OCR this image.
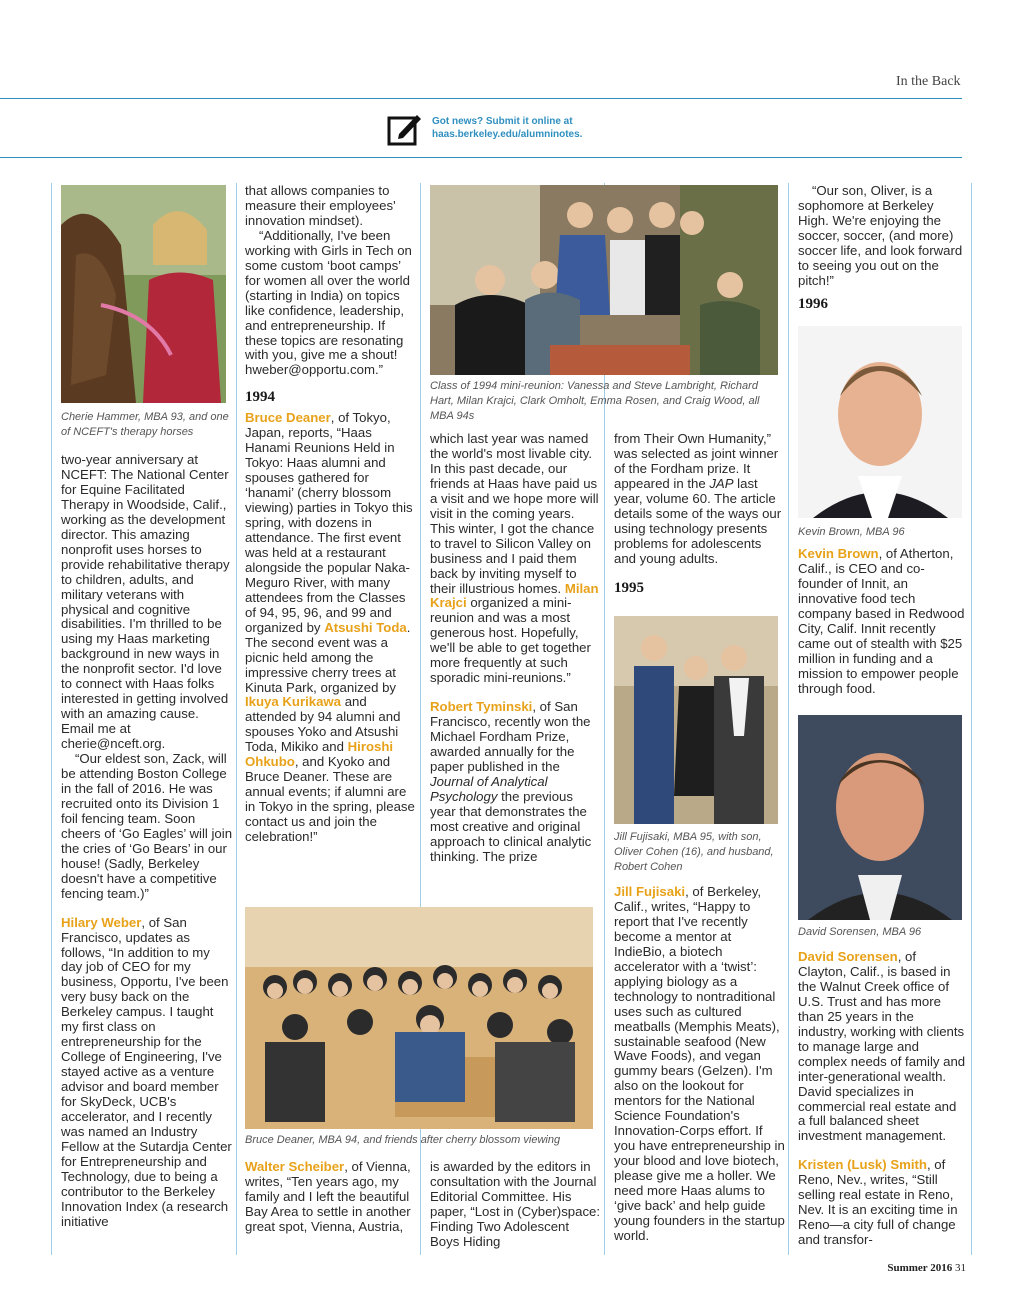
In the Back
Got news? Submit it online at
haas.berkeley.edu/alumninotes.
Cherie Hammer, MBA 93, and one of NCEFT's therapy horses

two-year anniversary at NCEFT: The National Center for Equine Facilitated Therapy in Woodside, Calif., working as the development director. This amazing nonprofit uses horses to provide rehabilitative therapy to children, adults, and military veterans with physical and cognitive disabilities. I'm thrilled to be using my Haas marketing background in new ways in the nonprofit sector. I'd love to connect with Haas folks interested in getting involved with an amazing cause. Email me at cherie@nceft.org.

“Our eldest son, Zack, will be attending Boston College in the fall of 2016. He was recruited onto its Division 1 foil fencing team. Soon cheers of ‘Go Eagles’ will join the cries of ‘Go Bears’ in our house! (Sadly, Berkeley doesn't have a competitive fencing team.)”

Hilary Weber, of San Francisco, updates as follows, “In addition to my day job of CEO for my business, Opportu, I've been very busy back on the Berkeley campus. I taught my first class on entrepreneurship for the College of Engineering, I've stayed active as a venture advisor and board member for SkyDeck, UCB's accelerator, and I recently was named an Industry Fellow at the Sutardja Center for Entrepreneurship and Technology, due to being a contributor to the Berkeley Innovation Index (a research initiative

that allows companies to measure their employees' innovation mindset).

“Additionally, I've been working with Girls in Tech on some custom ‘boot camps’ for women all over the world (starting in India) on topics like confidence, leadership, and entrepreneurship. If these topics are resonating with you, give me a shout! hweber@opportu.com.”

1994

Bruce Deaner, of Tokyo, Japan, reports, “Haas Hanami Reunions Held in Tokyo: Haas alumni and spouses gathered for ‘hanami’ (cherry blossom viewing) parties in Tokyo this spring, with dozens in attendance. The first event was held at a restaurant alongside the popular Naka-Meguro River, with many attendees from the Classes of 94, 95, 96, and 99 and organized by Atsushi Toda. The second event was a picnic held among the impressive cherry trees at Kinuta Park, organized by Ikuya Kurikawa and attended by 94 alumni and spouses Yoko and Atsushi Toda, Mikiko and Hiroshi Ohkubo, and Kyoko and Bruce Deaner. These are annual events; if alumni are in Tokyo in the spring, please contact us and join the celebration!”

Bruce Deaner, MBA 94, and friends after cherry blossom viewing

Walter Scheiber, of Vienna, writes, “Ten years ago, my family and I left the beautiful Bay Area to settle in another great spot, Vienna, Austria,

Class of 1994 mini-reunion: Vanessa and Steve Lambright, Richard Hart, Milan Krajci, Clark Omholt, Emma Rosen, and Craig Wood, all MBA 94s

which last year was named the world's most livable city. In this past decade, our friends at Haas have paid us a visit and we hope more will visit in the coming years. This winter, I got the chance to travel to Silicon Valley on business and I paid them back by inviting myself to their illustrious homes. Milan Krajci organized a mini-reunion and was a most generous host. Hopefully, we'll be able to get together more frequently at such sporadic mini-reunions.”

Robert Tyminski, of San Francisco, recently won the Michael Fordham Prize, awarded annually for the paper published in the Journal of Analytical Psychology the previous year that demonstrates the most creative and original approach to clinical analytic thinking. The prize

is awarded by the editors in consultation with the Journal Editorial Committee. His paper, “Lost in (Cyber)space: Finding Two Adolescent Boys Hiding

from Their Own Humanity,” was selected as joint winner of the Fordham prize. It appeared in the JAP last year, volume 60. The article details some of the ways our using technology presents problems for adolescents and young adults.

1995
Jill Fujisaki, MBA 95, with son, Oliver Cohen (16), and husband, Robert Cohen

Jill Fujisaki, of Berkeley, Calif., writes, “Happy to report that I've recently become a mentor at IndieBio, a biotech accelerator with a ‘twist’: applying biology as a technology to nontraditional uses such as cultured meatballs (Memphis Meats), sustainable seafood (New Wave Foods), and vegan gummy bears (Gelzen). I'm also on the lookout for mentors for the National Science Foundation's Innovation-Corps effort. If you have entrepreneurship in your blood and love biotech, please give me a holler. We need more Haas alums to ‘give back’ and help guide young founders in the startup world.

“Our son, Oliver, is a sophomore at Berkeley High. We're enjoying the soccer, soccer, (and more) soccer life, and look forward to seeing you out on the pitch!”

1996
Kevin Brown, MBA 96

Kevin Brown, of Atherton, Calif., is CEO and co-founder of Innit, an innovative food tech company based in Redwood City, Calif. Innit recently came out of stealth with $25 million in funding and a mission to empower people through food.

David Sorensen, MBA 96

David Sorensen, of Clayton, Calif., is based in the Walnut Creek office of U.S. Trust and has more than 25 years in the industry, working with clients to manage large and complex needs of family and inter-generational wealth. David specializes in commercial real estate and a full balanced sheet investment management.

Kristen (Lusk) Smith, of Reno, Nev., writes, “Still selling real estate in Reno, Nev. It is an exciting time in Reno—a city full of change and transfor-

Summer 2016 31
